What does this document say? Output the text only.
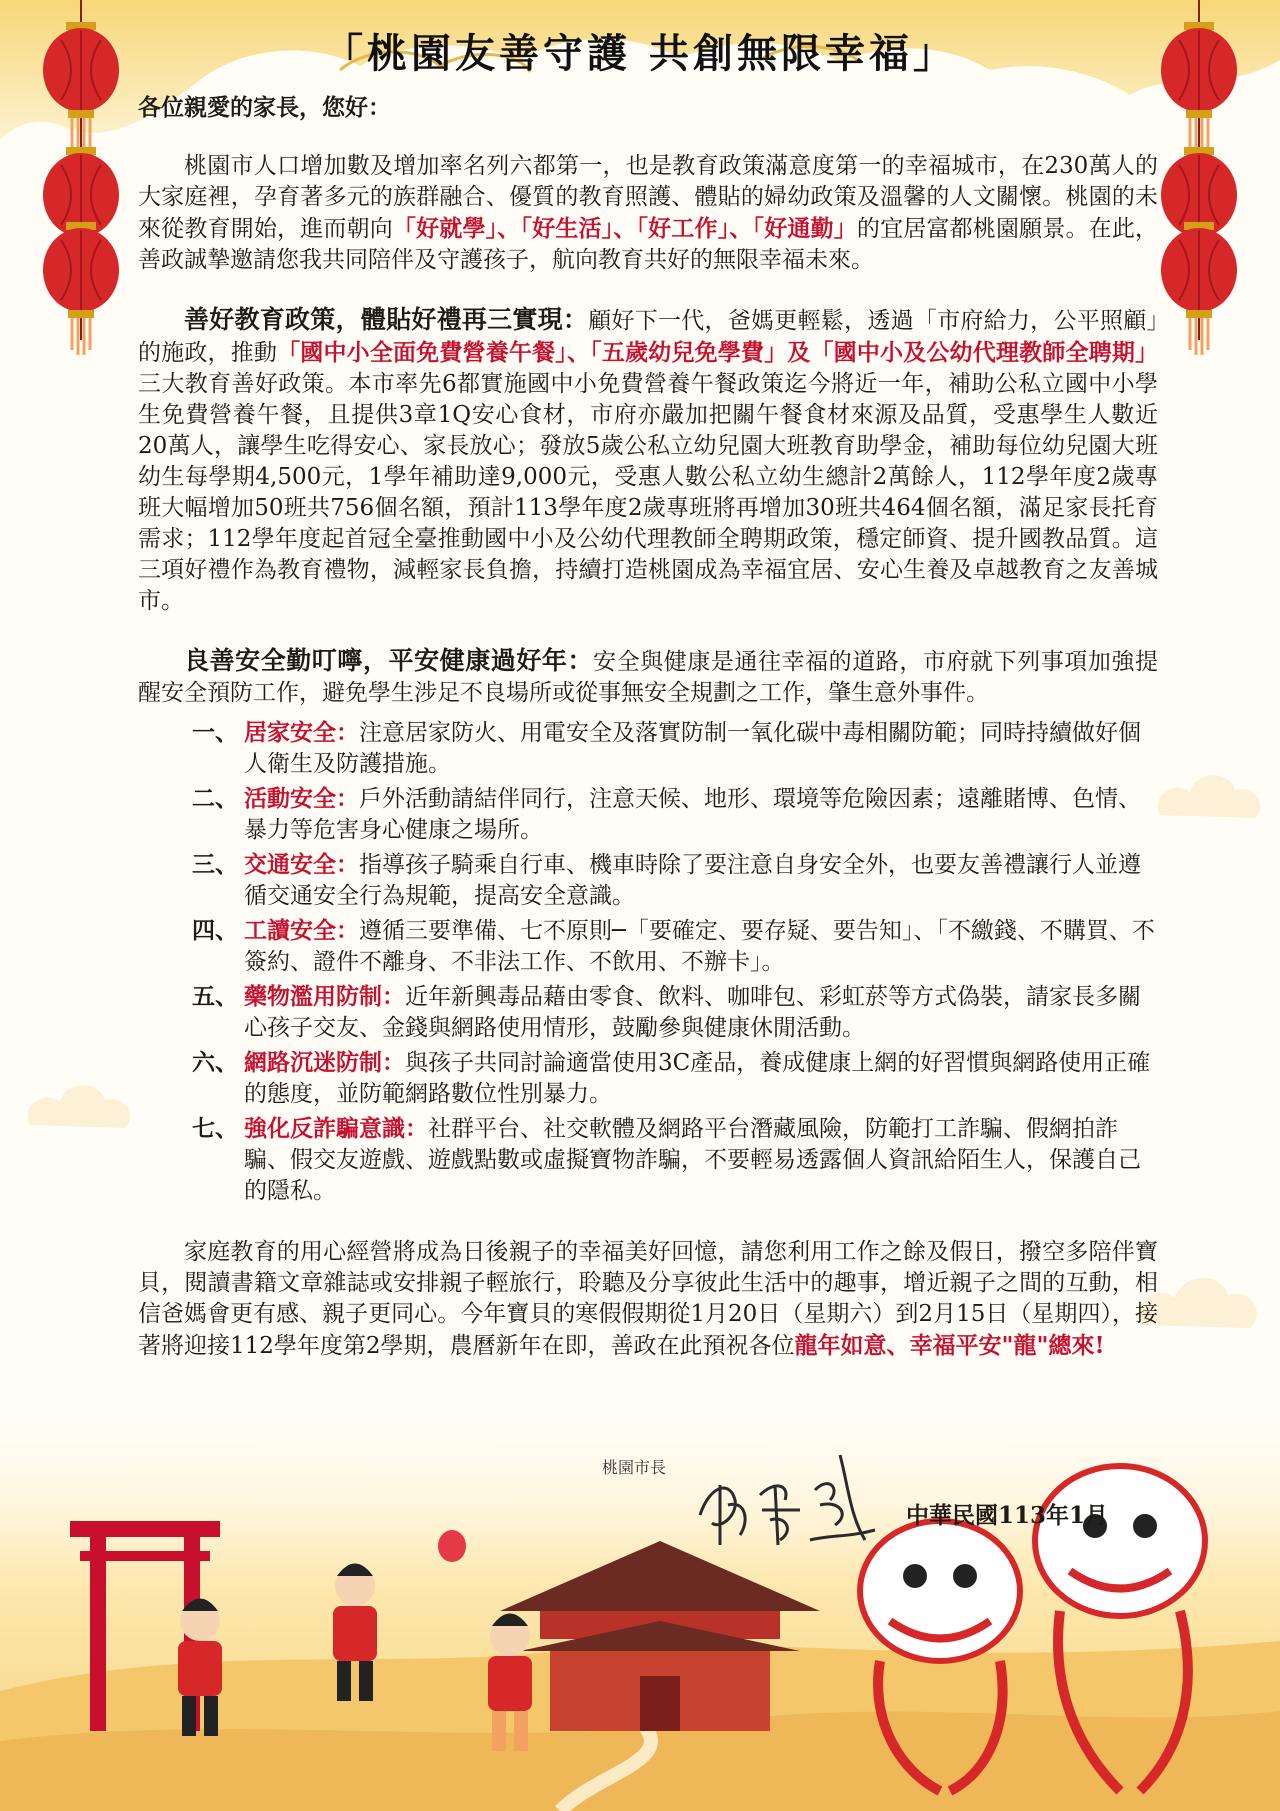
「桃園友善守護 共創無限幸福」

各位親愛的家長，您好：

桃園市人口增加數及增加率名列六都第一，也是教育政策滿意度第一的幸福城市，在230萬人的大家庭裡，孕育著多元的族群融合、優質的教育照護、體貼的婦幼政策及溫馨的人文關懷。桃園的未來從教育開始，進而朝向「好就學」、「好生活」、「好工作」、「好通勤」的宜居富都桃園願景。在此，善政誠摯邀請您我共同陪伴及守護孩子，航向教育共好的無限幸福未來。

善好教育政策，體貼好禮再三實現：顧好下一代，爸媽更輕鬆，透過「市府給力，公平照顧」的施政，推動「國中小全面免費營養午餐」、「五歲幼兒免學費」及「國中小及公幼代理教師全聘期」三大教育善好政策。本市率先6都實施國中小免費營養午餐政策迄今將近一年，補助公私立國中小學生免費營養午餐，且提供3章1Q安心食材，市府亦嚴加把關午餐食材來源及品質，受惠學生人數近20萬人，讓學生吃得安心、家長放心；發放5歲公私立幼兒園大班教育助學金，補助每位幼兒園大班幼生每學期4,500元，1學年補助達9,000元，受惠人數公私立幼生總計2萬餘人，112學年度2歲專班大幅增加50班共756個名額，預計113學年度2歲專班將再增加30班共464個名額，滿足家長托育需求；112學年度起首冠全臺推動國中小及公幼代理教師全聘期政策，穩定師資、提升國教品質。這三項好禮作為教育禮物，減輕家長負擔，持續打造桃園成為幸福宜居、安心生養及卓越教育之友善城市。

良善安全勤叮嚀，平安健康過好年：安全與健康是通往幸福的道路，市府就下列事項加強提醒安全預防工作，避免學生涉足不良場所或從事無安全規劃之工作，肇生意外事件。

一、 居家安全：注意居家防火、用電安全及落實防制一氧化碳中毒相關防範；同時持續做好個人衛生及防護措施。
二、 活動安全：戶外活動請結伴同行，注意天候、地形、環境等危險因素；遠離賭博、色情、暴力等危害身心健康之場所。
三、 交通安全：指導孩子騎乘自行車、機車時除了要注意自身安全外，也要友善禮讓行人並遵循交通安全行為規範，提高安全意識。
四、 工讀安全：遵循三要準備、七不原則─「要確定、要存疑、要告知」、「不繳錢、不購買、不簽約、證件不離身、不非法工作、不飲用、不辦卡」。
五、 藥物濫用防制：近年新興毒品藉由零食、飲料、咖啡包、彩虹菸等方式偽裝，請家長多關心孩子交友、金錢與網路使用情形，鼓勵參與健康休閒活動。
六、 網路沉迷防制：與孩子共同討論適當使用3C產品，養成健康上網的好習慣與網路使用正確的態度，並防範網路數位性別暴力。
七、 強化反詐騙意識：社群平台、社交軟體及網路平台潛藏風險，防範打工詐騙、假網拍詐騙、假交友遊戲、遊戲點數或虛擬寶物詐騙，不要輕易透露個人資訊給陌生人，保護自己的隱私。

家庭教育的用心經營將成為日後親子的幸福美好回憶，請您利用工作之餘及假日，撥空多陪伴寶貝，閱讀書籍文章雜誌或安排親子輕旅行，聆聽及分享彼此生活中的趣事，增近親子之間的互動，相信爸媽會更有感、親子更同心。今年寶貝的寒假假期從1月20日（星期六）到2月15日（星期四），接著將迎接112學年度第2學期，農曆新年在即，善政在此預祝各位龍年如意、幸福平安"龍"總來!

桃園市長
中華民國113年1月
